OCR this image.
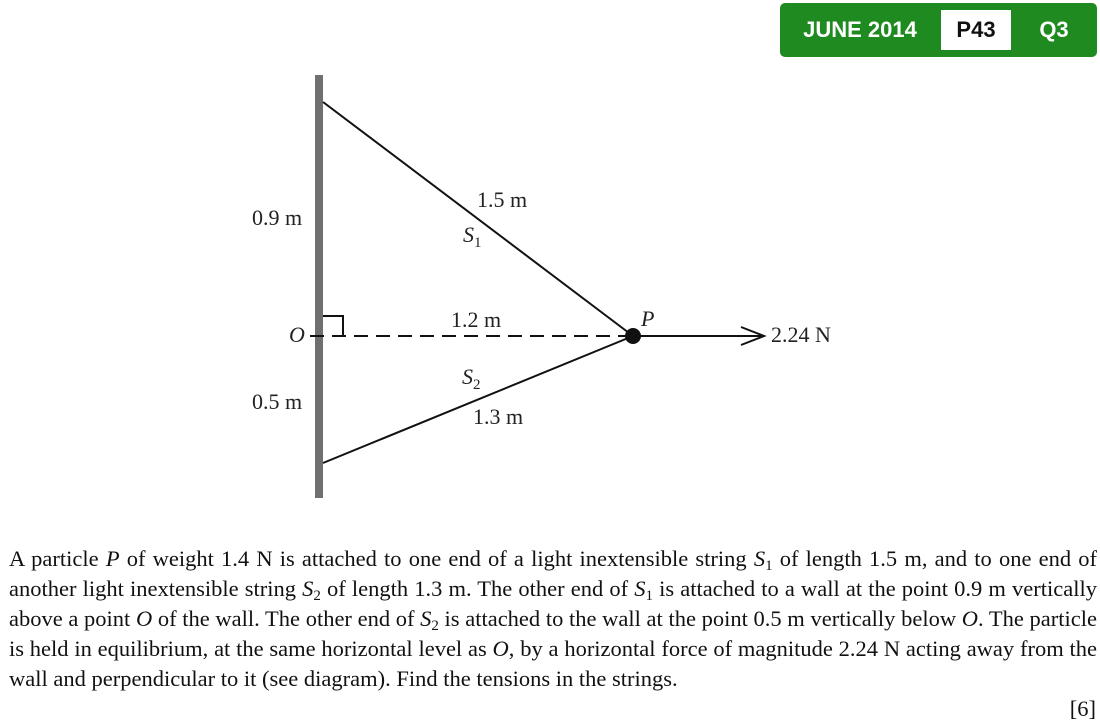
JUNE 2014	P43	Q3
0.9 m
0.5 m
O
1.5 m
$S_1$
1.2 m
$S_2$
1.3 m
P
2.24 N
A particle P of weight 1.4 N is attached to one end of a light inextensible string $S_1$ of length 1.5 m, and to one end of another light inextensible string $S_2$ of length 1.3 m. The other end of $S_1$ is attached to a wall at the point 0.9 m vertically above a point O of the wall. The other end of $S_2$ is attached to the wall at the point 0.5 m vertically below O. The particle is held in equilibrium, at the same horizontal level as O, by a horizontal force of magnitude 2.24 N acting away from the wall and perpendicular to it (see diagram). Find the tensions in the strings.
[6]
